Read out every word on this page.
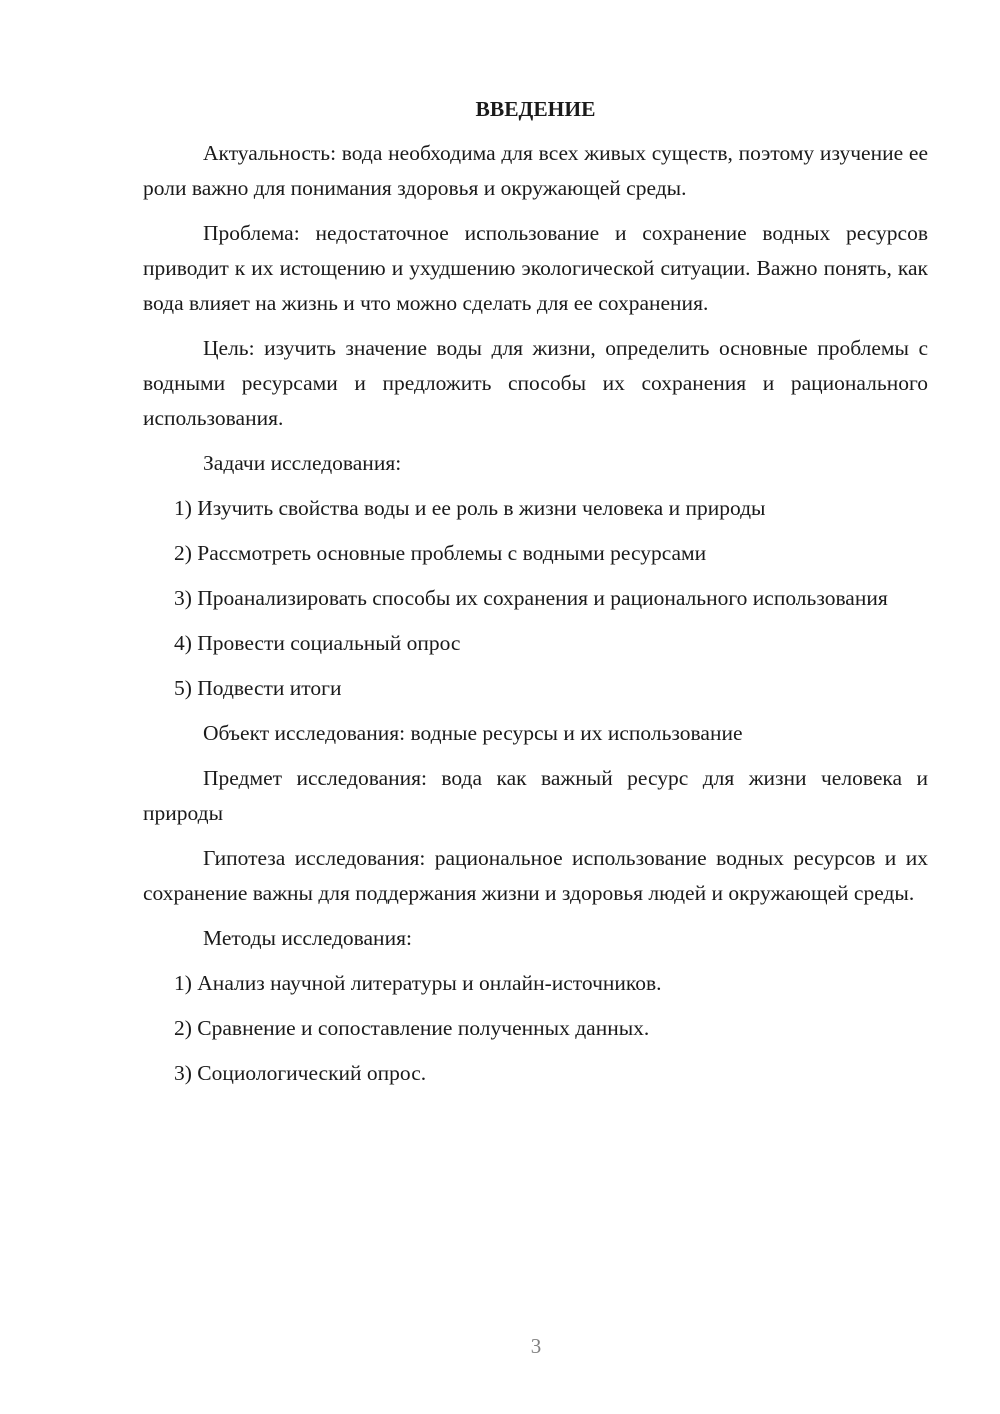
ВВЕДЕНИЕ

Актуальность: вода необходима для всех живых существ, поэтому изучение ее роли важно для понимания здоровья и окружающей среды.

Проблема: недостаточное использование и сохранение водных ресурсов приводит к их истощению и ухудшению экологической ситуации. Важно понять, как вода влияет на жизнь и что можно сделать для ее сохранения.

Цель: изучить значение воды для жизни, определить основные проблемы с водными ресурсами и предложить способы их сохранения и рационального использования.

Задачи исследования:

1) Изучить свойства воды и ее роль в жизни человека и природы

2) Рассмотреть основные проблемы с водными ресурсами

3) Проанализировать способы их сохранения и рационального использования

4) Провести социальный опрос

5) Подвести итоги

Объект исследования: водные ресурсы и их использование

Предмет исследования: вода как важный ресурс для жизни человека и природы

Гипотеза исследования: рациональное использование водных ресурсов и их сохранение важны для поддержания жизни и здоровья людей и окружающей среды.

Методы исследования:

1) Анализ научной литературы и онлайн-источников.

2) Сравнение и сопоставление полученных данных.

3) Социологический опрос.

3
